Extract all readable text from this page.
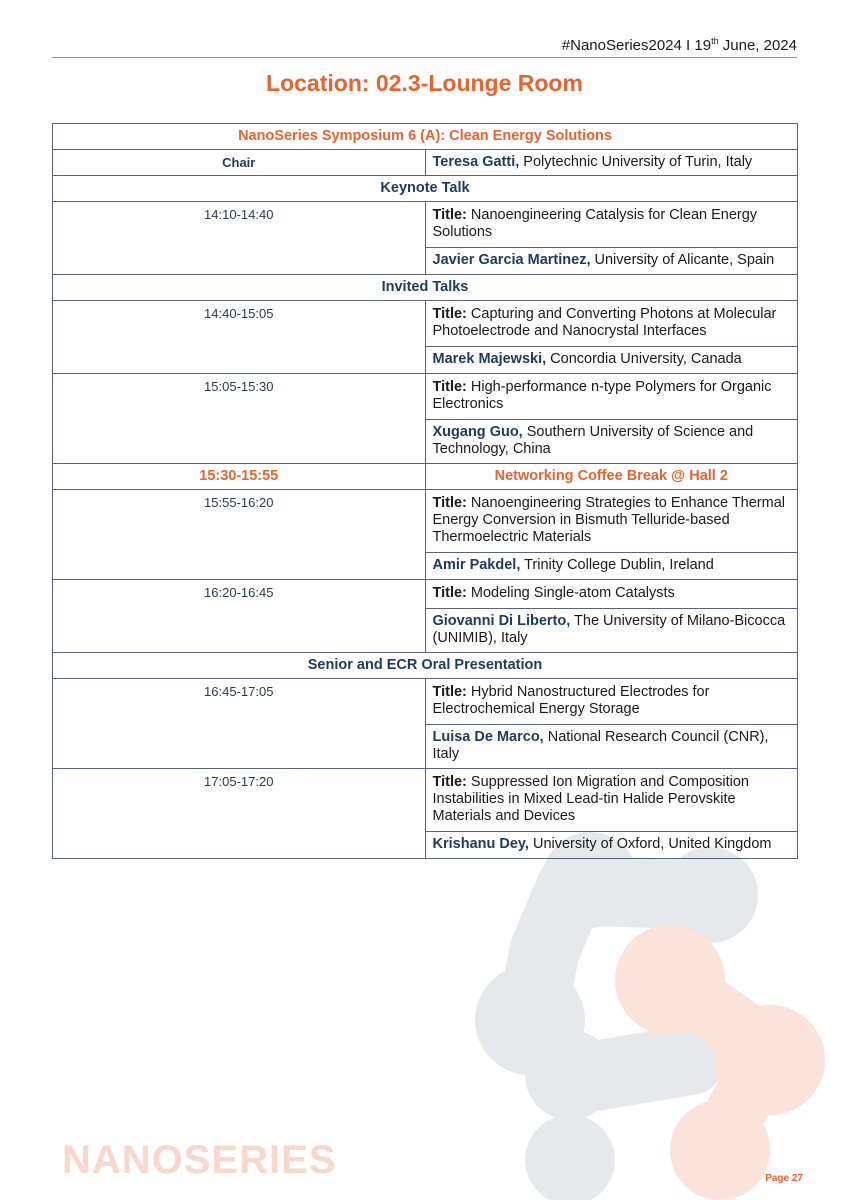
#NanoSeries2024 I 19th June, 2024
Location: 02.3-Lounge Room
NanoSeries Symposium 6 (A): Clean Energy Solutions	
Chair	Teresa Gatti, Polytechnic University of Turin, Italy
Keynote Talk	
14:10-14:40	Title: Nanoengineering Catalysis for Clean Energy Solutions
Javier Garcia Martinez, University of Alicante, Spain

Invited Talks	
14:40-15:05	Title: Capturing and Converting Photons at Molecular Photoelectrode and Nanocrystal Interfaces
Marek Majewski, Concordia University, Canada

15:05-15:30	Title: High-performance n-type Polymers for Organic Electronics
Xugang Guo, Southern University of Science and Technology, China

15:30-15:55	Networking Coffee Break @ Hall 2
15:55-16:20	Title: Nanoengineering Strategies to Enhance Thermal Energy Conversion in Bismuth Telluride-based Thermoelectric Materials
Amir Pakdel, Trinity College Dublin, Ireland

16:20-16:45	Title: Modeling Single-atom Catalysts
Giovanni Di Liberto, The University of Milano-Bicocca (UNIMIB), Italy

Senior and ECR Oral Presentation	
16:45-17:05	Title: Hybrid Nanostructured Electrodes for Electrochemical Energy Storage
Luisa De Marco, National Research Council (CNR), Italy

17:05-17:20	Title: Suppressed Ion Migration and Composition Instabilities in Mixed Lead-tin Halide Perovskite Materials and Devices
Krishanu Dey, University of Oxford, United Kingdom
NANOSERIES	Page 27
